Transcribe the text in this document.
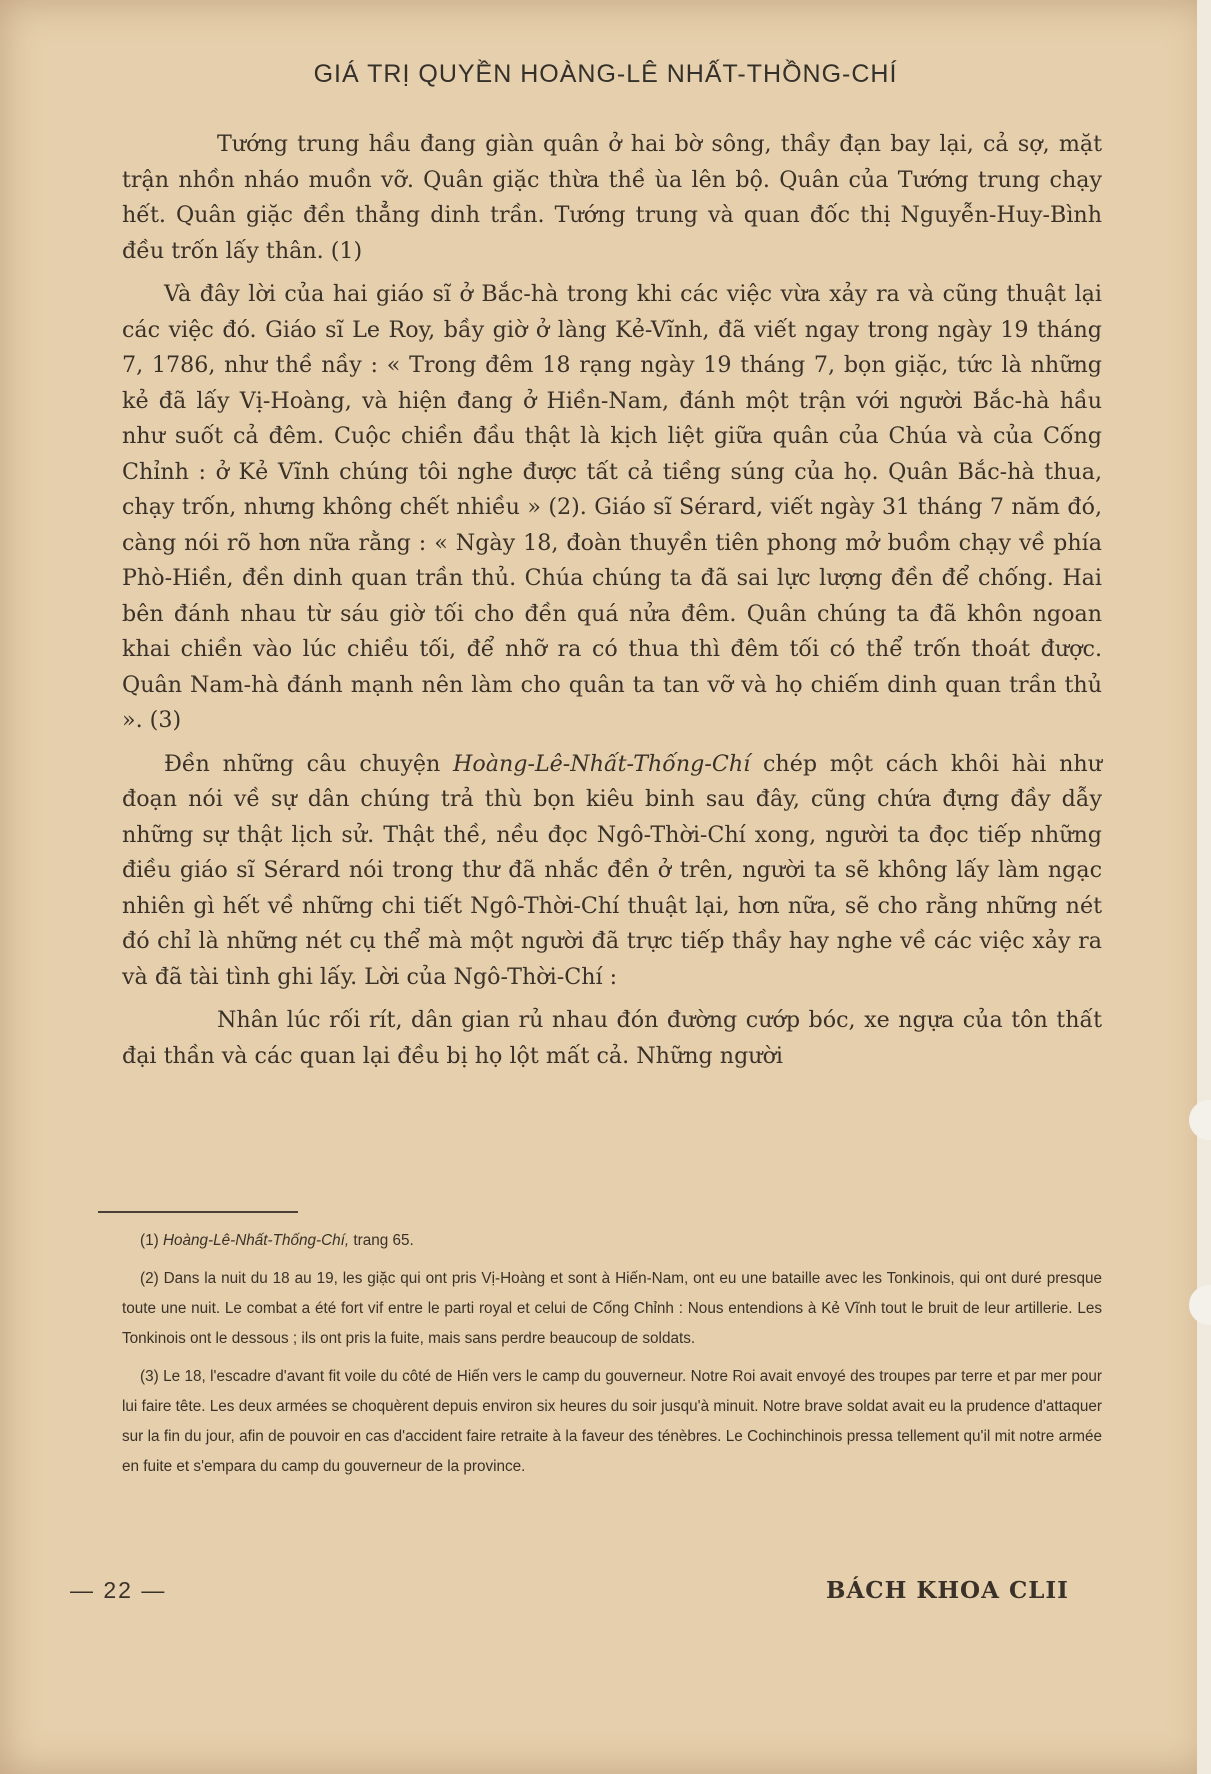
GIÁ TRỊ QUYỀN HOÀNG-LÊ NHẤT-THỒNG-CHÍ

Tướng trung hầu đang giàn quân ở hai bờ sông, thầy đạn bay lại, cả sợ, mặt trận nhồn nháo muồn vỡ. Quân giặc thừa thề ùa lên bộ. Quân của Tướng trung chạy hết. Quân giặc đền thẳng dinh trần. Tướng trung và quan đốc thị Nguyễn-Huy-Bình đều trốn lấy thân. (1)

Và đây lời của hai giáo sĩ ở Bắc-hà trong khi các việc vừa xảy ra và cũng thuật lại các việc đó. Giáo sĩ Le Roy, bầy giờ ở làng Kẻ-Vĩnh, đã viết ngay trong ngày 19 tháng 7, 1786, như thề nầy : « Trong đêm 18 rạng ngày 19 tháng 7, bọn giặc, tức là những kẻ đã lấy Vị-Hoàng, và hiện đang ở Hiền-Nam, đánh một trận với người Bắc-hà hầu như suốt cả đêm. Cuộc chiền đầu thật là kịch liệt giữa quân của Chúa và của Cống Chỉnh : ở Kẻ Vĩnh chúng tôi nghe được tất cả tiềng súng của họ. Quân Bắc-hà thua, chạy trốn, nhưng không chết nhiều » (2). Giáo sĩ Sérard, viết ngày 31 tháng 7 năm đó, càng nói rõ hơn nữa rằng : « Ngày 18, đoàn thuyền tiên phong mở buồm chạy về phía Phò-Hiền, đền dinh quan trần thủ. Chúa chúng ta đã sai lực lượng đền để chống. Hai bên đánh nhau từ sáu giờ tối cho đền quá nửa đêm. Quân chúng ta đã khôn ngoan khai chiền vào lúc chiều tối, để nhỡ ra có thua thì đêm tối có thể trốn thoát được. Quân Nam-hà đánh mạnh nên làm cho quân ta tan vỡ và họ chiếm dinh quan trần thủ ». (3)

Đền những câu chuyện Hoàng-Lê-Nhất-Thống-Chí chép một cách khôi hài như đoạn nói về sự dân chúng trả thù bọn kiêu binh sau đây, cũng chứa đựng đầy dẫy những sự thật lịch sử. Thật thề, nều đọc Ngô-Thời-Chí xong, người ta đọc tiếp những điều giáo sĩ Sérard nói trong thư đã nhắc đền ở trên, người ta sẽ không lấy làm ngạc nhiên gì hết về những chi tiết Ngô-Thời-Chí thuật lại, hơn nữa, sẽ cho rằng những nét đó chỉ là những nét cụ thể mà một người đã trực tiếp thầy hay nghe về các việc xảy ra và đã tài tình ghi lấy. Lời của Ngô-Thời-Chí :

Nhân lúc rối rít, dân gian rủ nhau đón đường cướp bóc, xe ngựa của tôn thất đại thần và các quan lại đều bị họ lột mất cả. Những người

(1) Hoàng-Lê-Nhất-Thống-Chí, trang 65.

(2) Dans la nuit du 18 au 19, les giặc qui ont pris Vị-Hoàng et sont à Hiến-Nam, ont eu une bataille avec les Tonkinois, qui ont duré presque toute une nuit. Le combat a été fort vif entre le parti royal et celui de Cống Chỉnh : Nous entendions à Kẻ Vĩnh tout le bruit de leur artillerie. Les Tonkinois ont le dessous ; ils ont pris la fuite, mais sans perdre beaucoup de soldats.

(3) Le 18, l'escadre d'avant fit voile du côté de Hiến vers le camp du gouverneur. Notre Roi avait envoyé des troupes par terre et par mer pour lui faire tête. Les deux armées se choquèrent depuis environ six heures du soir jusqu'à minuit. Notre brave soldat avait eu la prudence d'attaquer sur la fin du jour, afin de pouvoir en cas d'accident faire retraite à la faveur des ténèbres. Le Cochinchinois pressa tellement qu'il mit notre armée en fuite et s'empara du camp du gouverneur de la province.

— 22 —	BÁCH KHOA CLII
